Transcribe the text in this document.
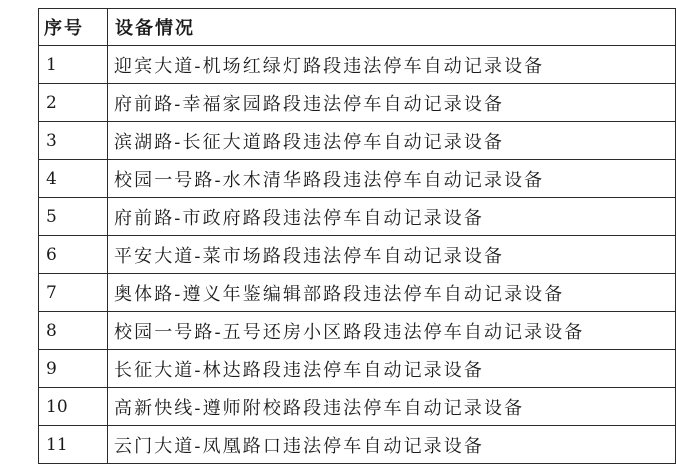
序号	设备情况
1	迎宾大道-机场红绿灯路段违法停车自动记录设备
2	府前路-幸福家园路段违法停车自动记录设备
3	滨湖路-长征大道路段违法停车自动记录设备
4	校园一号路-水木清华路段违法停车自动记录设备
5	府前路-市政府路段违法停车自动记录设备
6	平安大道-菜市场路段违法停车自动记录设备
7	奥体路-遵义年鉴编辑部路段违法停车自动记录设备
8	校园一号路-五号还房小区路段违法停车自动记录设备
9	长征大道-林达路段违法停车自动记录设备
10	高新快线-遵师附校路段违法停车自动记录设备
11	云门大道-凤凰路口违法停车自动记录设备
